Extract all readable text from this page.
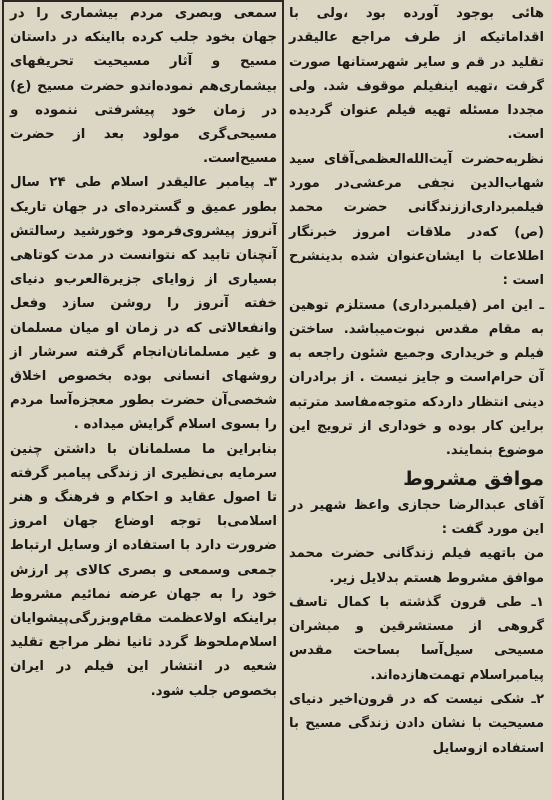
هائی بوجود آورده بود ،ولی با اقداماتیکه از طرف مراجع عالیقدر تقلید در قم و سایر شهرستانها صورت گرفت ،تهیه اینفیلم موقوف شد. ولی مجددا مسئله تهیه فیلم عنوان گردیده است.

نظربه‌حضرت آیت‌الله‌العظمی‌آقای سید شهاب‌الدین نجفی مرعشی‌در مورد فیلمبرداری‌اززندگانی حضرت محمد (ص) کەدر ملاقات امروز خبرنگار اطلاعات با ایشان‌عنوان شده بدینشرح است :

ـ این امر (فیلمبرداری) مستلزم توهین به مقام مقدس نبوت‌میباشد. ساختن فیلم و خریداری وجمیع شئون راجعه به آن حرام‌است و جایز نیست . از برادران دینی انتظار دارد‌که متوجه‌مفاسد مترتبه براین کار بوده و خوداری از ترویج این موضوع بنمایند.

موافق مشروط

آقای عبدالرضا حجازی واعظ شهیر در این مورد گفت :

من باتهیه فیلم زندگانی حضرت محمد موافق مشروط هستم بدلایل زیر.

۱ـ طی قرون گذشته با کمال تاسف گروهی از مستشرقین و مبشران مسیحی سیل‌آسا بساحت مقدس پیامبراسلام تهمت‌هازده‌اند.

۲ـ شکی نیست که در قرون‌اخیر دنیای مسیحیت با نشان دادن زندگی مسیح با استفاده ازوسایل

سمعی وبصری مردم بیشماری را در جهان بخود جلب کرده بااینکه در داستان مسیح و آثار مسیحیت تحریفهای بیشماری‌هم نموده‌اند‌و حضرت مسیح (ع) در زمان خود پیشرفتی ننموده و مسیحی‌گری مولود بعد از حضرت مسیح‌است.

۳ـ پیامبر عالیقدر اسلام طی ۲۴ سال بطور عمیق و گسترده‌ای در جهان تاریک آنروز پیشروی‌فرمود وخورشید رسالتش آنچنان تابید که نتوانست در مدت کوتاهی بسیاری از زوایای جزیرة‌العرب‌و دنیای خفته آنروز را روشن سازد وفعل وانفعالاتی که در زمان او میان مسلمان و غیر مسلمانان‌انجام گرفته سرشار از روشهای انسانی بوده بخصوص اخلاق شخصی‌آن حضرت بطور معجزه‌آسا مردم را بسوی اسلام گرایش میداده .

بنابراین ما مسلمانان با داشتن چنین سرمایه بی‌نظیری از زندگی پیامبر گرفته تا اصول عقاید و احکام و فرهنگ و هنر اسلامی‌با توجه اوضاع جهان امروز ضرورت دارد با استفاده از وسایل ارتباط جمعی وسمعی و بصری کالای پر ارزش خود را به جهان عرضه نمائیم مشروط براینکه اولاعظمت مقام‌وبزرگی‌پیشوایان اسلام‌ملحوظ گردد ثانیا نظر مراجع تقلید شعیه در انتشار این فیلم در ایران بخصوص جلب شود.
